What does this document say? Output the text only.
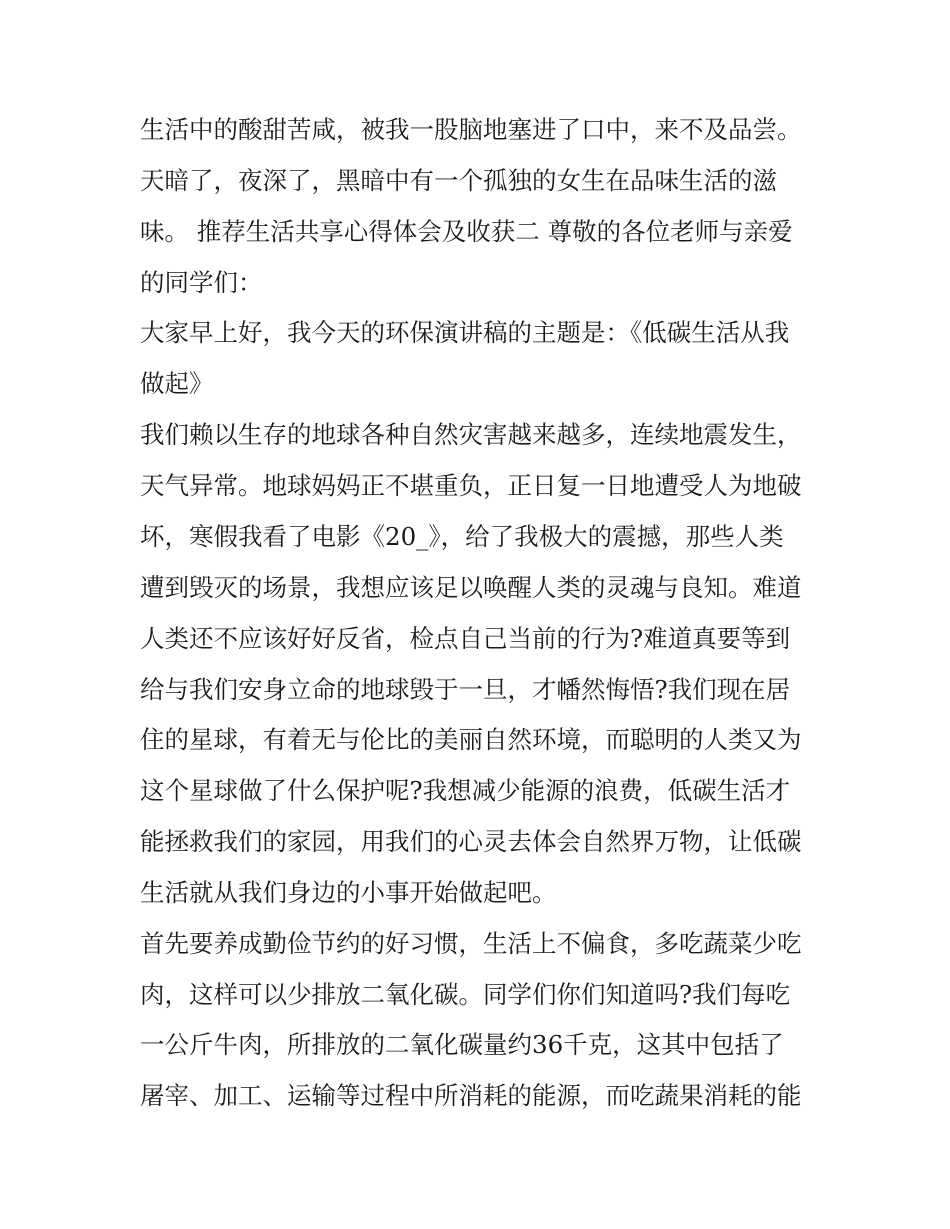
生活中的酸甜苦咸，被我一股脑地塞进了口中，来不及品尝。
天暗了，夜深了，黑暗中有一个孤独的女生在品味生活的滋
味。 推荐生活共享心得体会及收获二 尊敬的各位老师与亲爱
的同学们：
大家早上好，我今天的环保演讲稿的主题是：《低碳生活从我
做起》
我们赖以生存的地球各种自然灾害越来越多，连续地震发生，
天气异常。地球妈妈正不堪重负，正日复一日地遭受人为地破
坏，寒假我看了电影《20_》，给了我极大的震撼，那些人类
遭到毁灭的场景，我想应该足以唤醒人类的灵魂与良知。难道
人类还不应该好好反省，检点自己当前的行为?难道真要等到
给与我们安身立命的地球毁于一旦，才幡然悔悟?我们现在居
住的星球，有着无与伦比的美丽自然环境，而聪明的人类又为
这个星球做了什么保护呢?我想减少能源的浪费，低碳生活才
能拯救我们的家园，用我们的心灵去体会自然界万物，让低碳
生活就从我们身边的小事开始做起吧。
首先要养成勤俭节约的好习惯，生活上不偏食，多吃蔬菜少吃
肉，这样可以少排放二氧化碳。同学们你们知道吗?我们每吃
一公斤牛肉，所排放的二氧化碳量约36千克，这其中包括了
屠宰、加工、运输等过程中所消耗的能源，而吃蔬果消耗的能
